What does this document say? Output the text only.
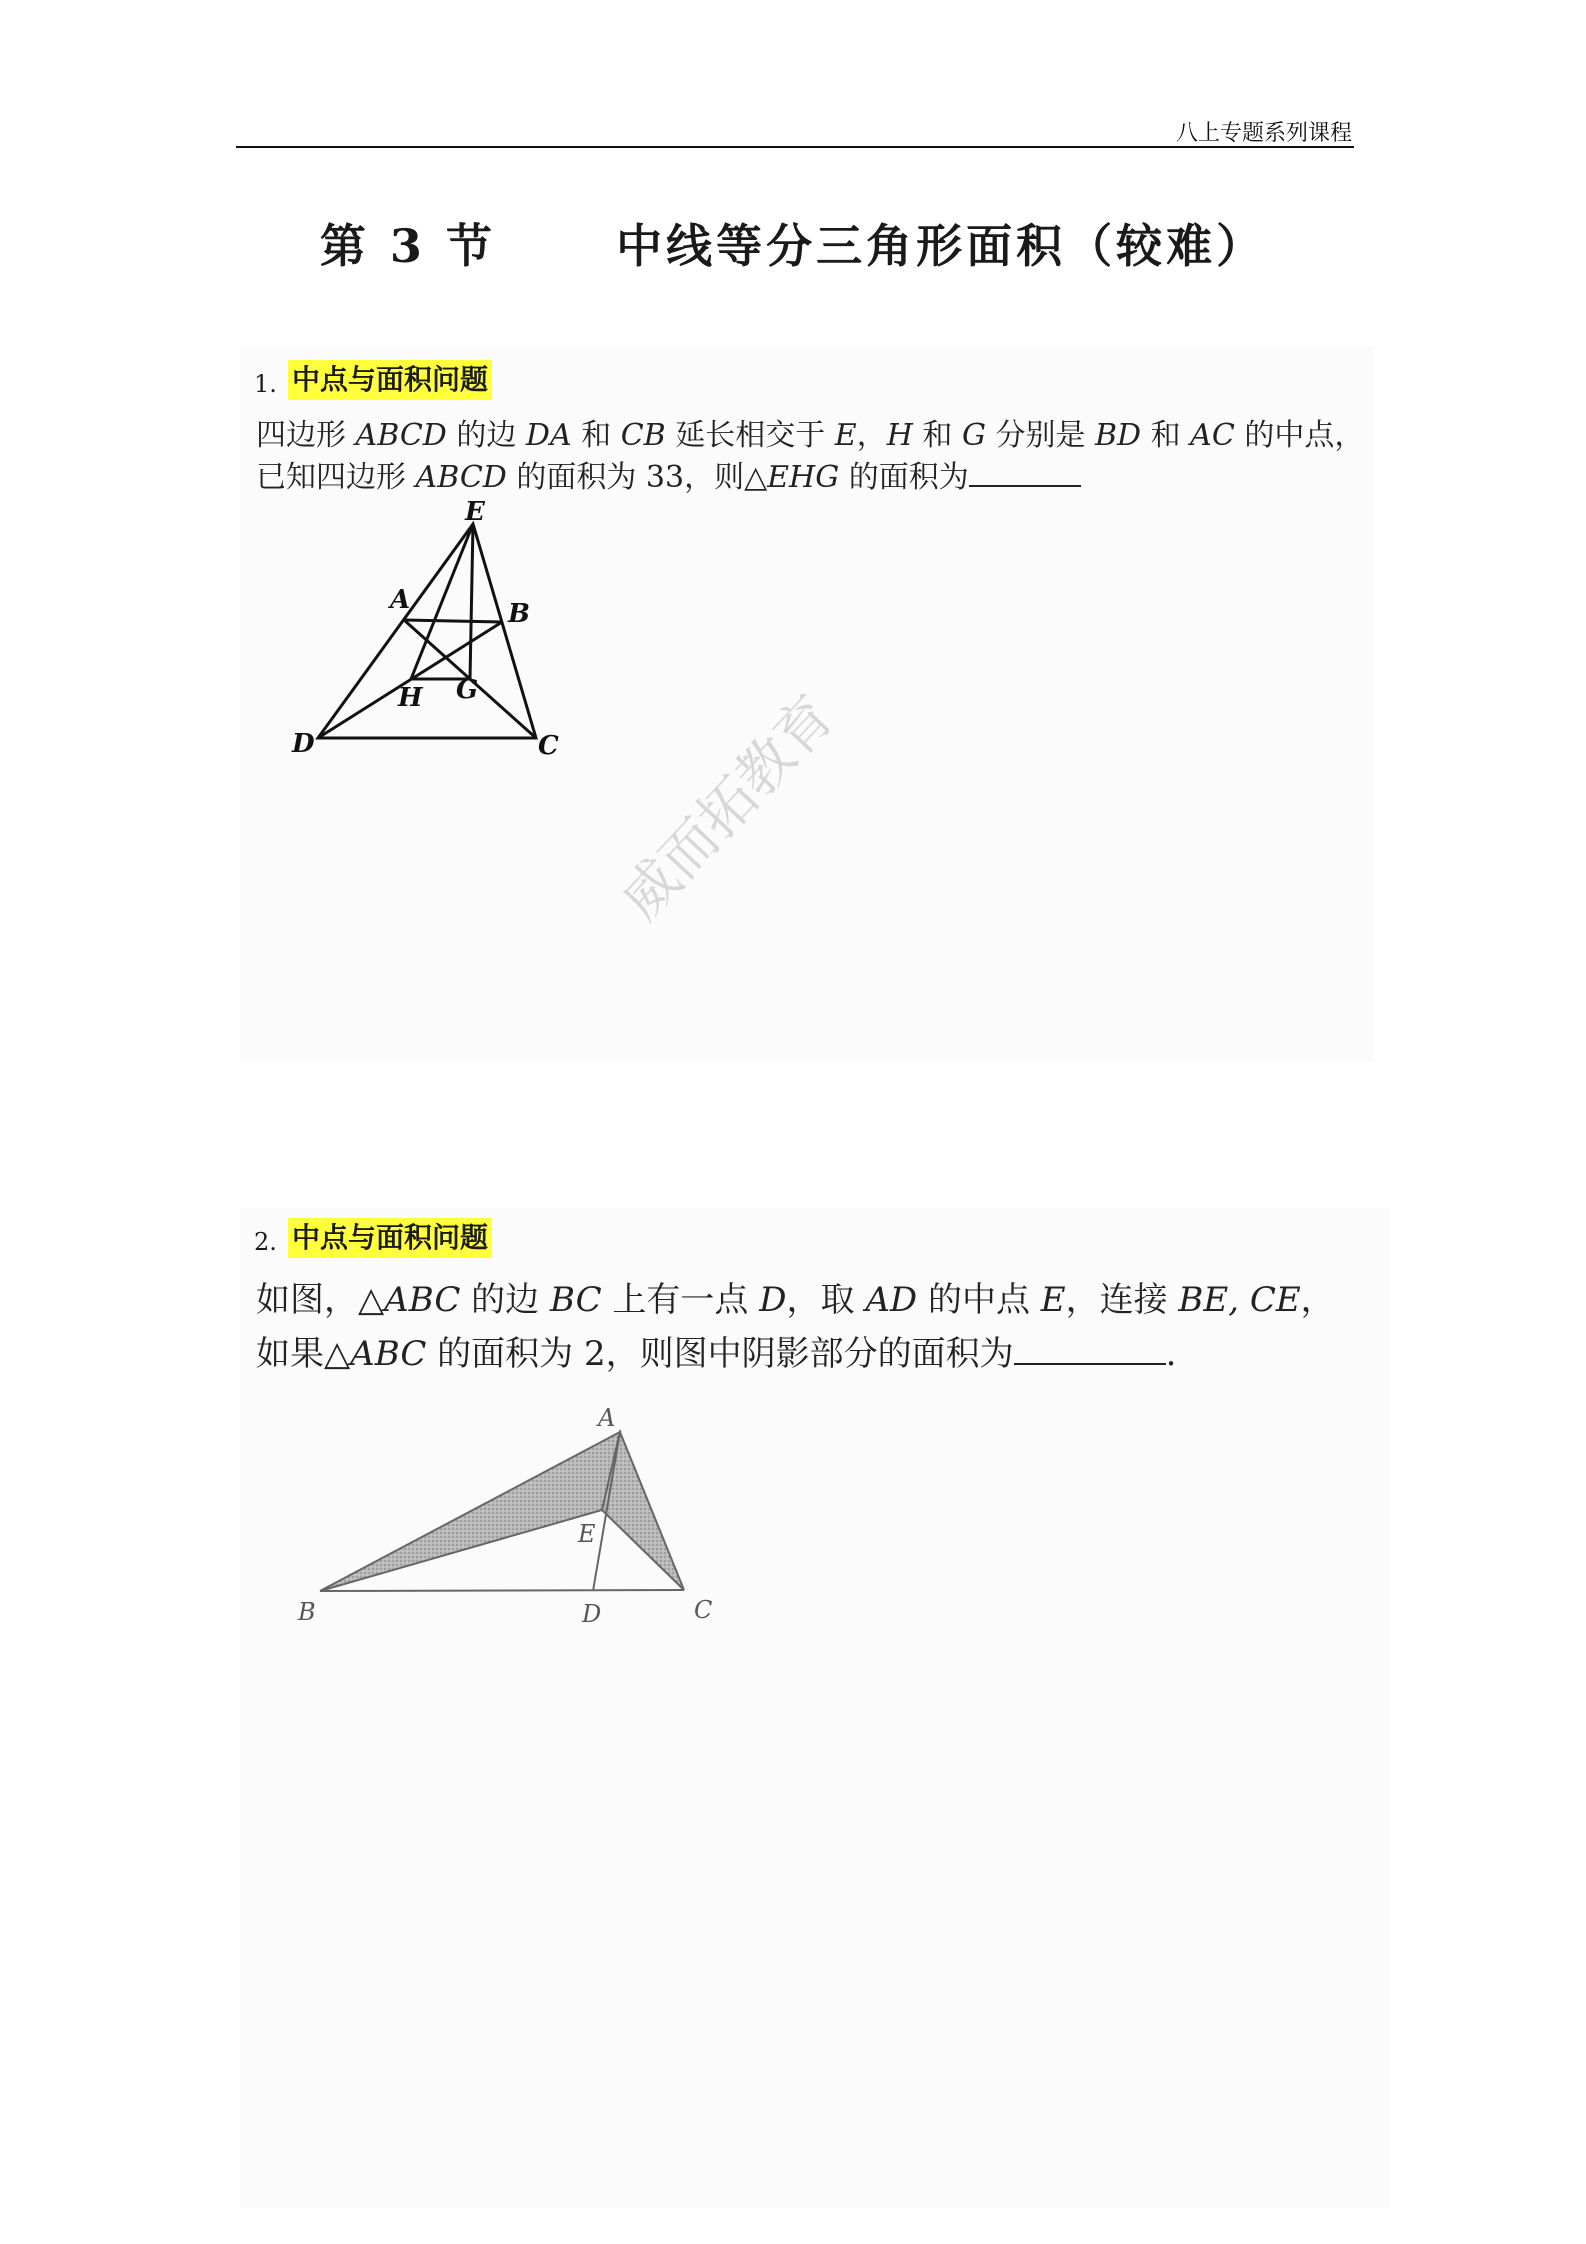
八上专题系列课程
第 3 节	中线等分三角形面积（较难）
1. 中点与面积问题
四边形 ABCD 的边 DA 和 CB 延长相交于 E，H 和 G 分别是 BD 和 AC 的中点，
已知四边形 ABCD 的面积为 33，则△EHG 的面积为
E
A	B
H G
D	C 威而拓教育
2. 中点与面积问题
如图，△ABC 的边 BC 上有一点 D，取 AD 的中点 E，连接 BE, CE，
如果△ABC 的面积为 2，则图中阴影部分的面积为	.
A
E
B	D	C
